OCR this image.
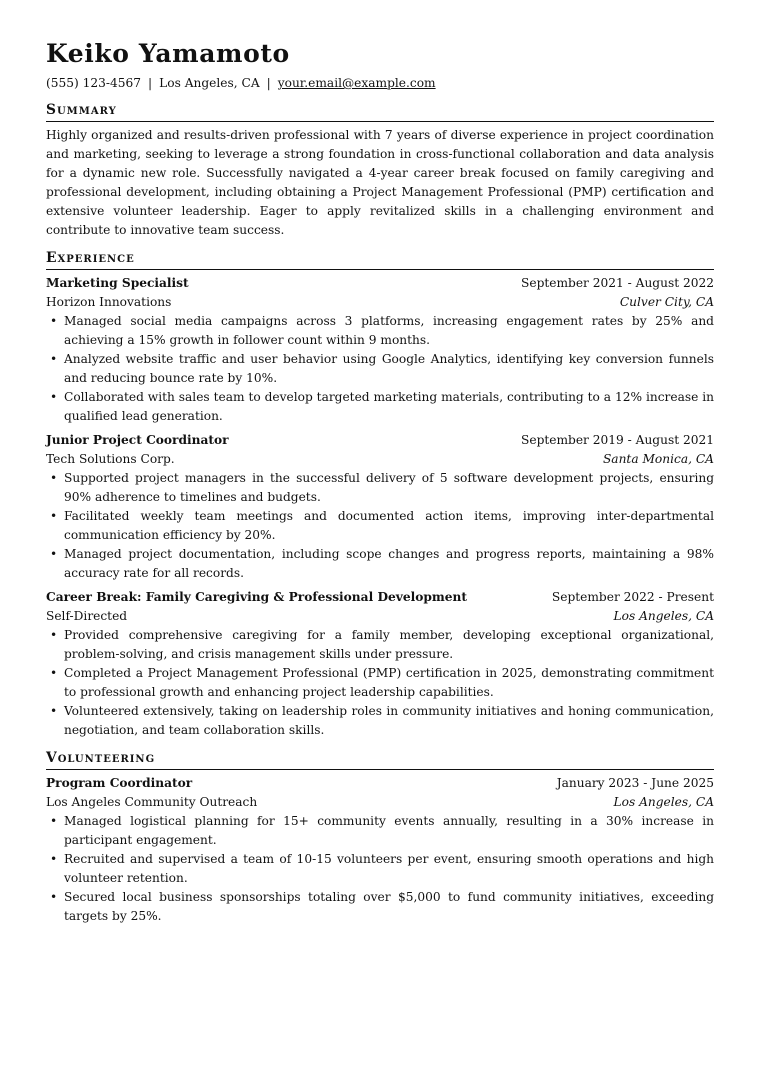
Keiko Yamamoto
(555) 123-4567 | Los Angeles, CA | your.email@example.com
Summary
Highly organized and results-driven professional with 7 years of diverse experience in project coordination and marketing, seeking to leverage a strong foundation in cross-functional collaboration and data analysis for a dynamic new role. Successfully navigated a 4-year career break focused on family caregiving and professional development, including obtaining a Project Management Professional (PMP) certification and extensive volunteer leadership. Eager to apply revitalized skills in a challenging environment and contribute to innovative team success.
Experience
Marketing Specialist	September 2021 - August 2022
Horizon Innovations	Culver City, CA
• Managed social media campaigns across 3 platforms, increasing engagement rates by 25% and achieving a 15% growth in follower count within 9 months.
• Analyzed website traffic and user behavior using Google Analytics, identifying key conversion funnels and reducing bounce rate by 10%.
• Collaborated with sales team to develop targeted marketing materials, contributing to a 12% increase in qualified lead generation.
Junior Project Coordinator	September 2019 - August 2021
Tech Solutions Corp.	Santa Monica, CA
• Supported project managers in the successful delivery of 5 software development projects, ensuring 90% adherence to timelines and budgets.
• Facilitated weekly team meetings and documented action items, improving inter-departmental communication efficiency by 20%.
• Managed project documentation, including scope changes and progress reports, maintaining a 98% accuracy rate for all records.
Career Break: Family Caregiving & Professional Development	September 2022 - Present
Self-Directed	Los Angeles, CA
• Provided comprehensive caregiving for a family member, developing exceptional organizational, problem-solving, and crisis management skills under pressure.
• Completed a Project Management Professional (PMP) certification in 2025, demonstrating commitment to professional growth and enhancing project leadership capabilities.
• Volunteered extensively, taking on leadership roles in community initiatives and honing communication, negotiation, and team collaboration skills.
Volunteering
Program Coordinator	January 2023 - June 2025
Los Angeles Community Outreach	Los Angeles, CA
• Managed logistical planning for 15+ community events annually, resulting in a 30% increase in participant engagement.
• Recruited and supervised a team of 10-15 volunteers per event, ensuring smooth operations and high volunteer retention.
• Secured local business sponsorships totaling over $5,000 to fund community initiatives, exceeding targets by 25%.
